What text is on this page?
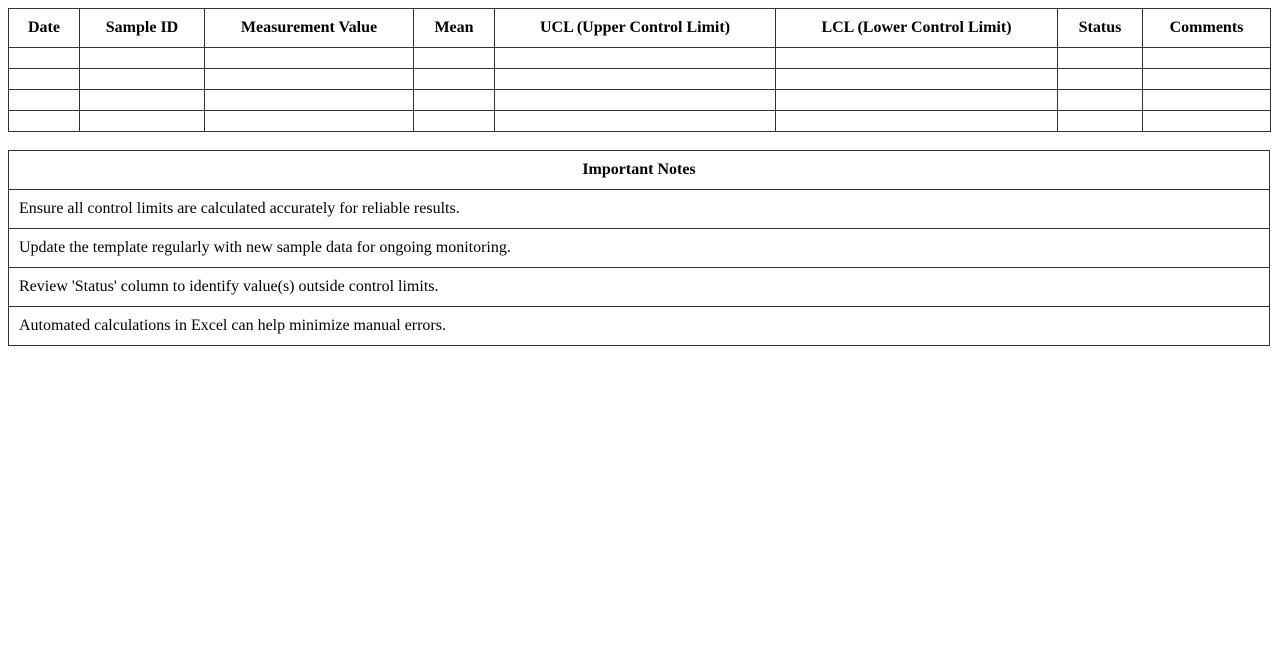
Date	Sample ID	Measurement Value	Mean	UCL (Upper Control Limit)	LCL (Lower Control Limit)	Status	Comments

Important Notes
Ensure all control limits are calculated accurately for reliable results.
Update the template regularly with new sample data for ongoing monitoring.
Review 'Status' column to identify value(s) outside control limits.
Automated calculations in Excel can help minimize manual errors.
